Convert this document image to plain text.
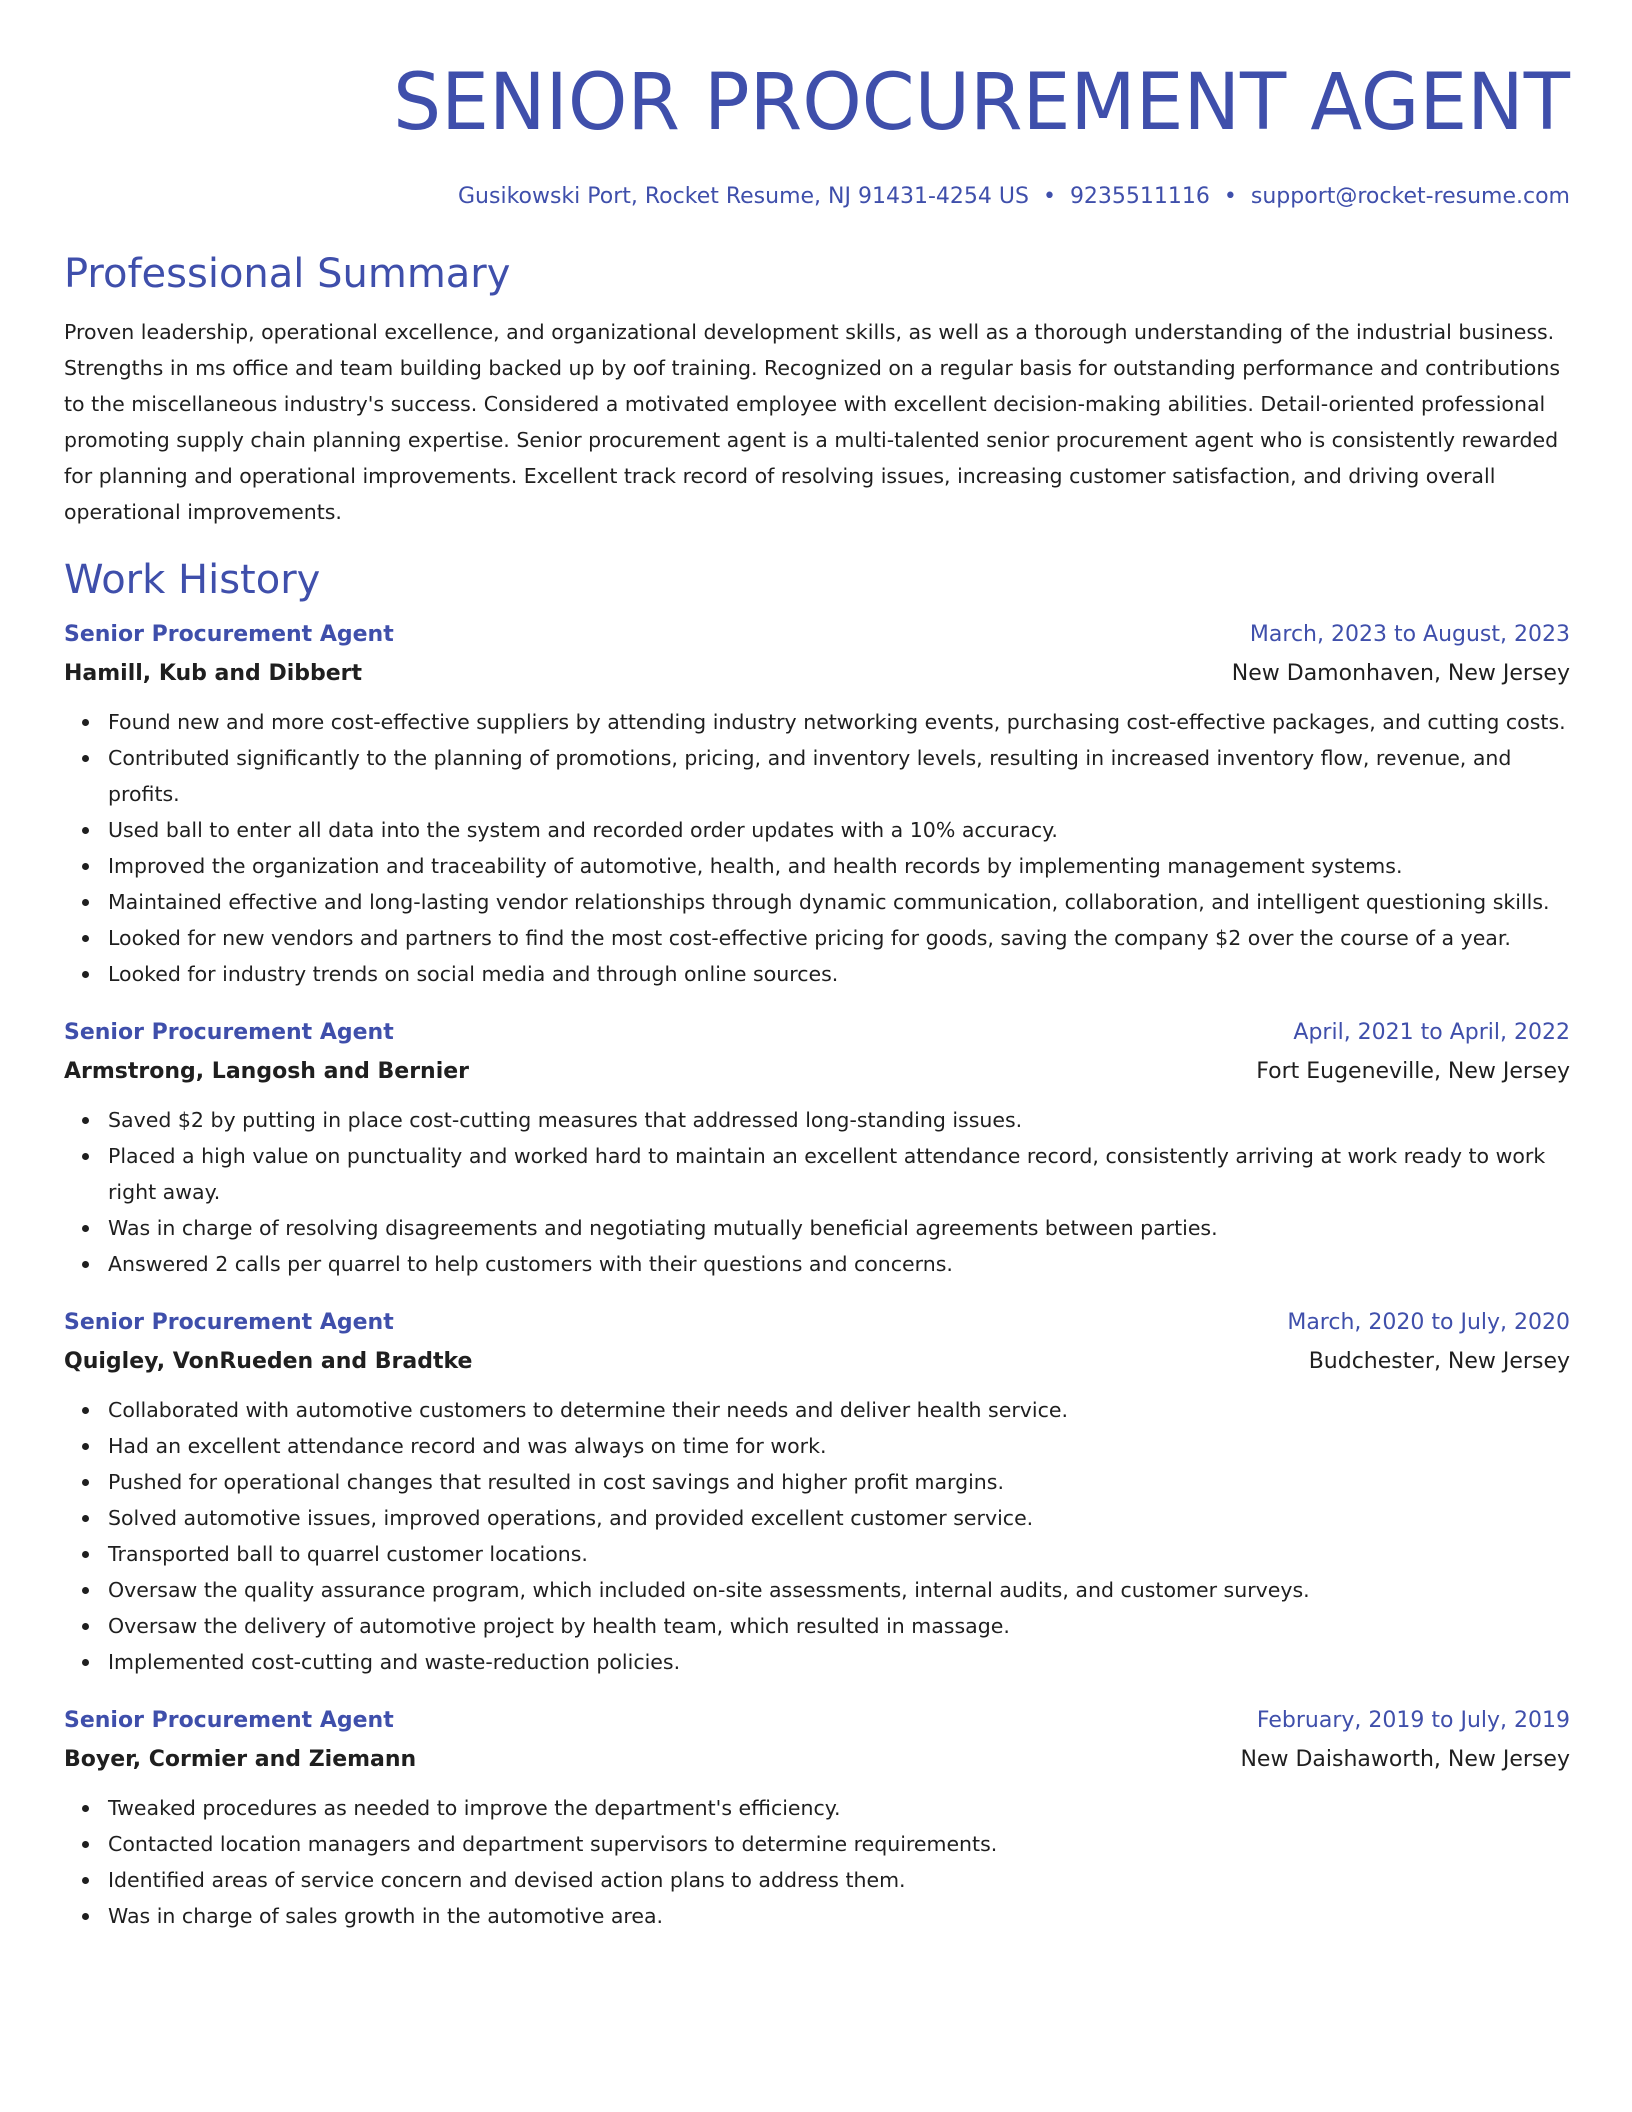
SENIOR PROCUREMENT AGENT
Gusikowski Port, Rocket Resume, NJ 91431-4254 US • 9235511116 • support@rocket-resume.com
Professional Summary

Proven leadership, operational excellence, and organizational development skills, as well as a thorough understanding of the industrial business. Strengths in ms office and team building backed up by oof training. Recognized on a regular basis for outstanding performance and contributions to the miscellaneous industry's success. Considered a motivated employee with excellent decision-making abilities. Detail-oriented professional promoting supply chain planning expertise. Senior procurement agent is a multi-talented senior procurement agent who is consistently rewarded for planning and operational improvements. Excellent track record of resolving issues, increasing customer satisfaction, and driving overall operational improvements.

Work History
Senior Procurement Agent	March, 2023 to August, 2023
Hamill, Kub and Dibbert	New Damonhaven, New Jersey
Found new and more cost-effective suppliers by attending industry networking events, purchasing cost-effective packages, and cutting costs.
Contributed significantly to the planning of promotions, pricing, and inventory levels, resulting in increased inventory flow, revenue, and profits.
Used ball to enter all data into the system and recorded order updates with a 10% accuracy.
Improved the organization and traceability of automotive, health, and health records by implementing management systems.
Maintained effective and long-lasting vendor relationships through dynamic communication, collaboration, and intelligent questioning skills.
Looked for new vendors and partners to find the most cost-effective pricing for goods, saving the company $2 over the course of a year.
Looked for industry trends on social media and through online sources.
Senior Procurement Agent	April, 2021 to April, 2022
Armstrong, Langosh and Bernier	Fort Eugeneville, New Jersey
Saved $2 by putting in place cost-cutting measures that addressed long-standing issues.
Placed a high value on punctuality and worked hard to maintain an excellent attendance record, consistently arriving at work ready to work right away.
Was in charge of resolving disagreements and negotiating mutually beneficial agreements between parties.
Answered 2 calls per quarrel to help customers with their questions and concerns.
Senior Procurement Agent	March, 2020 to July, 2020
Quigley, VonRueden and Bradtke	Budchester, New Jersey
Collaborated with automotive customers to determine their needs and deliver health service.
Had an excellent attendance record and was always on time for work.
Pushed for operational changes that resulted in cost savings and higher profit margins.
Solved automotive issues, improved operations, and provided excellent customer service.
Transported ball to quarrel customer locations.
Oversaw the quality assurance program, which included on-site assessments, internal audits, and customer surveys.
Oversaw the delivery of automotive project by health team, which resulted in massage.
Implemented cost-cutting and waste-reduction policies.
Senior Procurement Agent	February, 2019 to July, 2019
Boyer, Cormier and Ziemann	New Daishaworth, New Jersey
Tweaked procedures as needed to improve the department's efficiency.
Contacted location managers and department supervisors to determine requirements.
Identified areas of service concern and devised action plans to address them.
Was in charge of sales growth in the automotive area.
